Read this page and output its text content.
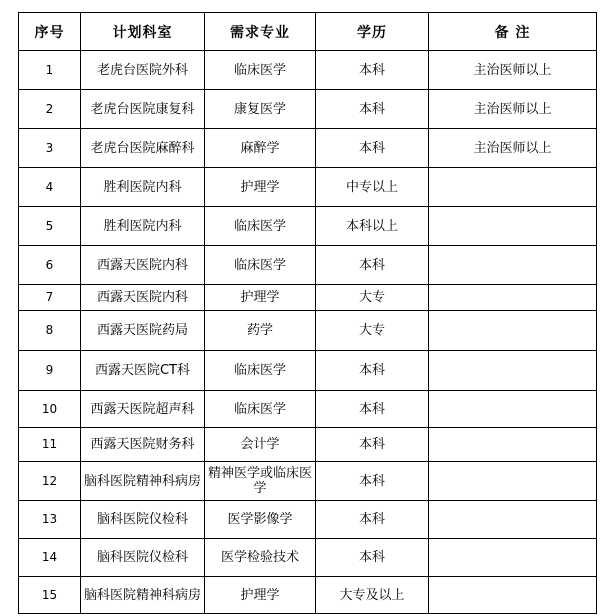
序号	计划科室	需求专业	学历	备 注
1	老虎台医院外科	临床医学	本科	主治医师以上
2	老虎台医院康复科	康复医学	本科	主治医师以上
3	老虎台医院麻醉科	麻醉学	本科	主治医师以上
4	胜利医院内科	护理学	中专以上	
5	胜利医院内科	临床医学	本科以上	
6	西露天医院内科	临床医学	本科	
7	西露天医院内科	护理学	大专	
8	西露天医院药局	药学	大专	
9	西露天医院CT科	临床医学	本科	
10	西露天医院超声科	临床医学	本科	
11	西露天医院财务科	会计学	本科	
12	脑科医院精神科病房	精神医学或临床医学	本科	
13	脑科医院仪检科	医学影像学	本科	
14	脑科医院仪检科	医学检验技术	本科	
15	脑科医院精神科病房	护理学	大专及以上	
